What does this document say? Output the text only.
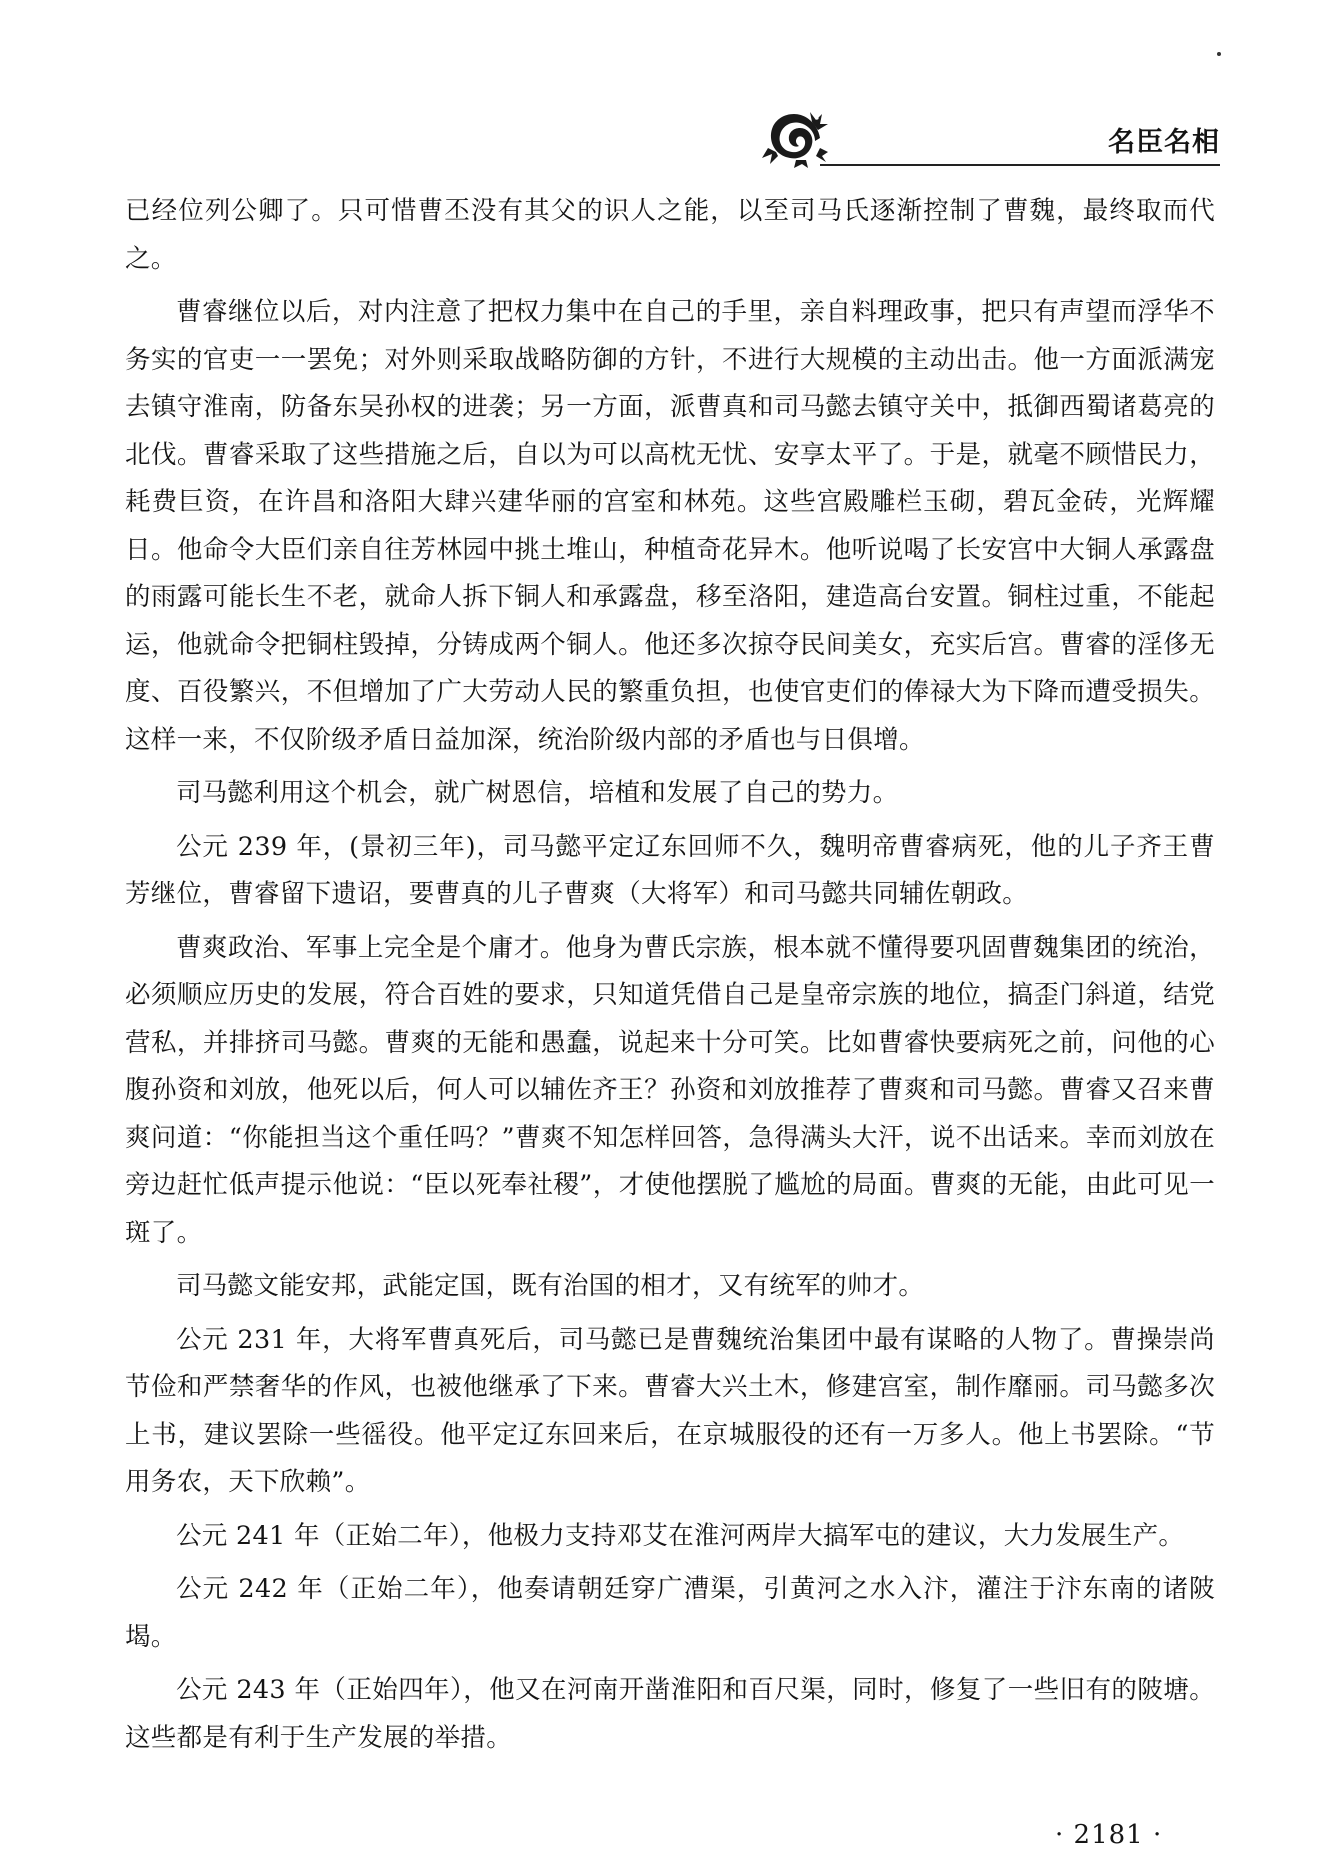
名臣名相

已经位列公卿了。只可惜曹丕没有其父的识人之能，以至司马氏逐渐控制了曹魏，最终取而代之。

曹睿继位以后，对内注意了把权力集中在自己的手里，亲自料理政事，把只有声望而浮华不务实的官吏一一罢免；对外则采取战略防御的方针，不进行大规模的主动出击。他一方面派满宠去镇守淮南，防备东吴孙权的进袭；另一方面，派曹真和司马懿去镇守关中，抵御西蜀诸葛亮的北伐。曹睿采取了这些措施之后，自以为可以高枕无忧、安享太平了。于是，就毫不顾惜民力，耗费巨资，在许昌和洛阳大肆兴建华丽的宫室和林苑。这些宫殿雕栏玉砌，碧瓦金砖，光辉耀日。他命令大臣们亲自往芳林园中挑土堆山，种植奇花异木。他听说喝了长安宫中大铜人承露盘的雨露可能长生不老，就命人拆下铜人和承露盘，移至洛阳，建造高台安置。铜柱过重，不能起运，他就命令把铜柱毁掉，分铸成两个铜人。他还多次掠夺民间美女，充实后宫。曹睿的淫侈无度、百役繁兴，不但增加了广大劳动人民的繁重负担，也使官吏们的俸禄大为下降而遭受损失。这样一来，不仅阶级矛盾日益加深，统治阶级内部的矛盾也与日俱增。

司马懿利用这个机会，就广树恩信，培植和发展了自己的势力。

公元 239 年，(景初三年)，司马懿平定辽东回师不久，魏明帝曹睿病死，他的儿子齐王曹芳继位，曹睿留下遗诏，要曹真的儿子曹爽（大将军）和司马懿共同辅佐朝政。

曹爽政治、军事上完全是个庸才。他身为曹氏宗族，根本就不懂得要巩固曹魏集团的统治，必须顺应历史的发展，符合百姓的要求，只知道凭借自己是皇帝宗族的地位，搞歪门斜道，结党营私，并排挤司马懿。曹爽的无能和愚蠢，说起来十分可笑。比如曹睿快要病死之前，问他的心腹孙资和刘放，他死以后，何人可以辅佐齐王？孙资和刘放推荐了曹爽和司马懿。曹睿又召来曹爽问道：“你能担当这个重任吗？”曹爽不知怎样回答，急得满头大汗，说不出话来。幸而刘放在旁边赶忙低声提示他说：“臣以死奉社稷”，才使他摆脱了尴尬的局面。曹爽的无能，由此可见一斑了。

司马懿文能安邦，武能定国，既有治国的相才，又有统军的帅才。

公元 231 年，大将军曹真死后，司马懿已是曹魏统治集团中最有谋略的人物了。曹操崇尚节俭和严禁奢华的作风，也被他继承了下来。曹睿大兴土木，修建宫室，制作靡丽。司马懿多次上书，建议罢除一些徭役。他平定辽东回来后，在京城服役的还有一万多人。他上书罢除。“节用务农，天下欣赖”。

公元 241 年（正始二年），他极力支持邓艾在淮河两岸大搞军屯的建议，大力发展生产。

公元 242 年（正始二年），他奏请朝廷穿广漕渠，引黄河之水入汴，灌注于汴东南的诸陂堨。

公元 243 年（正始四年），他又在河南开凿淮阳和百尺渠，同时，修复了一些旧有的陂塘。这些都是有利于生产发展的举措。

· 2181 ·
